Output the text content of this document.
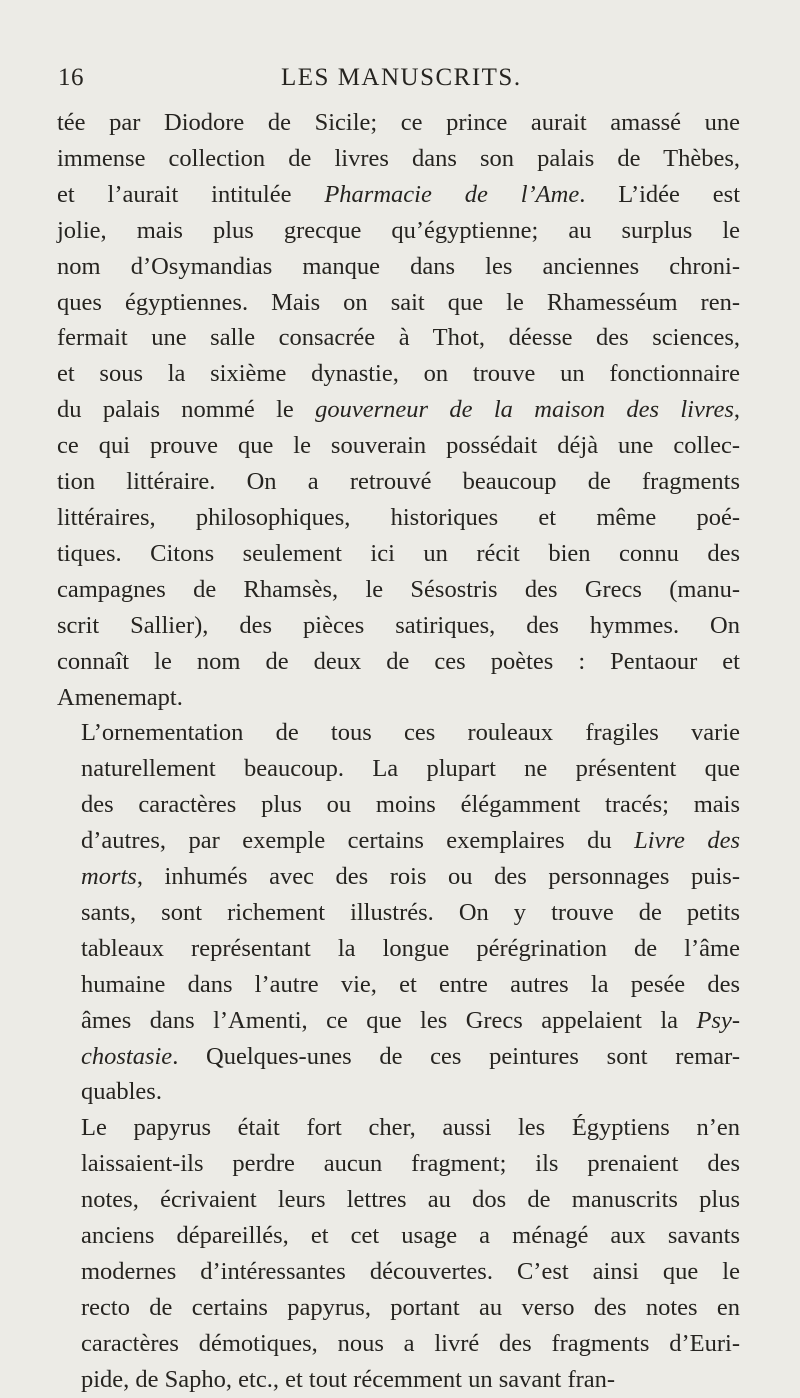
16	LES MANUSCRITS.
tée par Diodore de Sicile; ce prince aurait amassé une
immense collection de livres dans son palais de Thèbes,
et l’aurait intitulée Pharmacie de l’Ame. L’idée est
jolie, mais plus grecque qu’égyptienne; au surplus le
nom d’Osymandias manque dans les anciennes chroni-
ques égyptiennes. Mais on sait que le Rhamesséum ren-
fermait une salle consacrée à Thot, déesse des sciences,
et sous la sixième dynastie, on trouve un fonctionnaire
du palais nommé le gouverneur de la maison des livres,
ce qui prouve que le souverain possédait déjà une collec-
tion littéraire. On a retrouvé beaucoup de fragments
littéraires, philosophiques, historiques et même poé-
tiques. Citons seulement ici un récit bien connu des
campagnes de Rhamsès, le Sésostris des Grecs (manu-
scrit Sallier), des pièces satiriques, des hymmes. On
connaît le nom de deux de ces poètes : Pentaour et
Amenemapt.
L’ornementation de tous ces rouleaux fragiles varie
naturellement beaucoup. La plupart ne présentent que
des caractères plus ou moins élégamment tracés; mais
d’autres, par exemple certains exemplaires du Livre des
morts, inhumés avec des rois ou des personnages puis-
sants, sont richement illustrés. On y trouve de petits
tableaux représentant la longue pérégrination de l’âme
humaine dans l’autre vie, et entre autres la pesée des
âmes dans l’Amenti, ce que les Grecs appelaient la Psy-
chostasie. Quelques-unes de ces peintures sont remar-
quables.
Le papyrus était fort cher, aussi les Égyptiens n’en
laissaient-ils perdre aucun fragment; ils prenaient des
notes, écrivaient leurs lettres au dos de manuscrits plus
anciens dépareillés, et cet usage a ménagé aux savants
modernes d’intéressantes découvertes. C’est ainsi que le
recto de certains papyrus, portant au verso des notes en
caractères démotiques, nous a livré des fragments d’Euri-
pide, de Sapho, etc., et tout récemment un savant fran-
